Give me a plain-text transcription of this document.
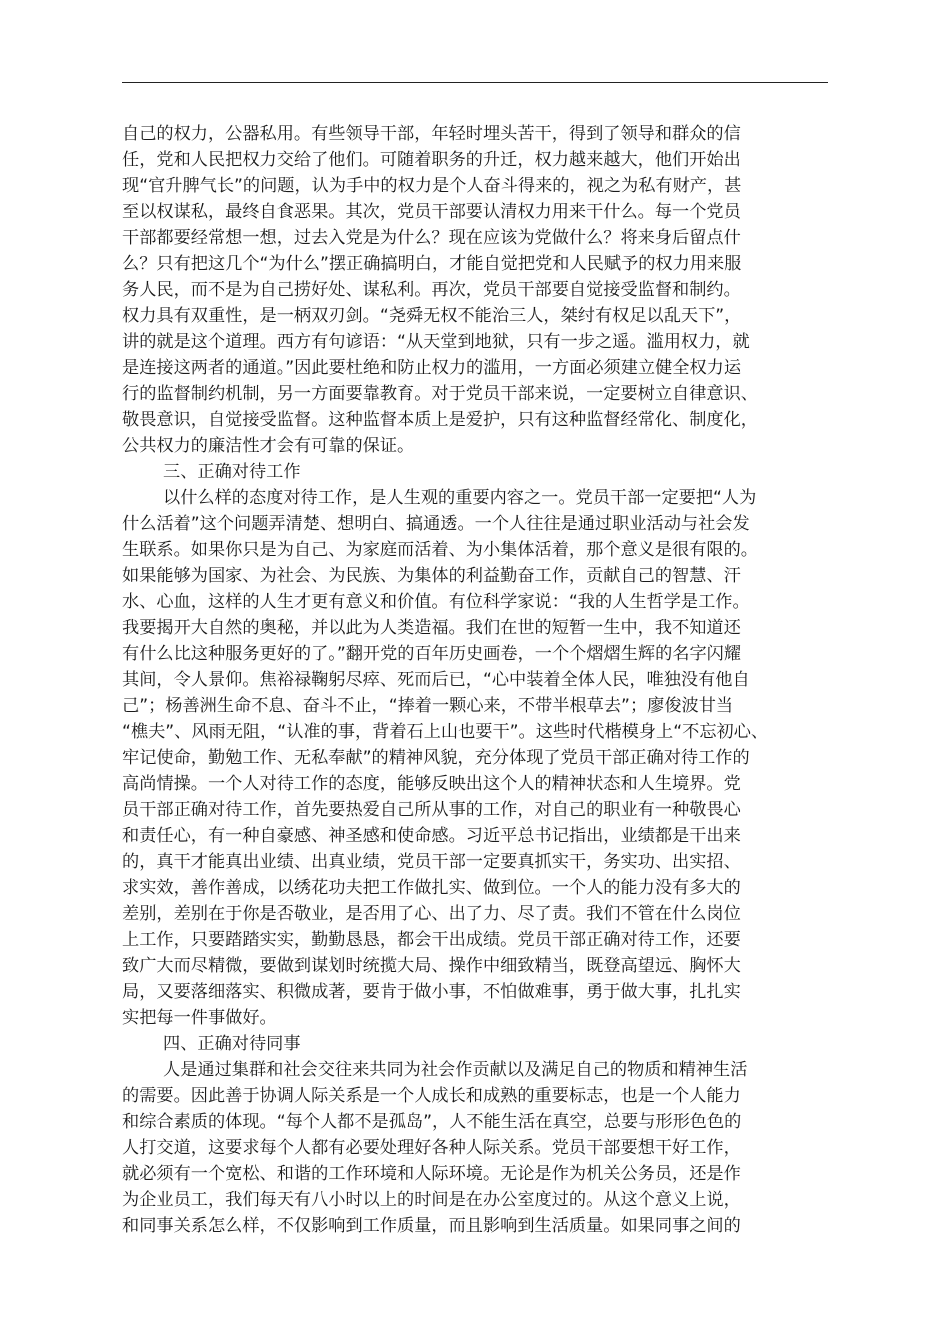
自己的权力，公器私用。有些领导干部，年轻时埋头苦干，得到了领导和群众的信
任，党和人民把权力交给了他们。可随着职务的升迁，权力越来越大，他们开始出
现“官升脾气长”的问题，认为手中的权力是个人奋斗得来的，视之为私有财产，甚
至以权谋私，最终自食恶果。其次，党员干部要认清权力用来干什么。每一个党员
干部都要经常想一想，过去入党是为什么？现在应该为党做什么？将来身后留点什
么？只有把这几个“为什么”摆正确搞明白，才能自觉把党和人民赋予的权力用来服
务人民，而不是为自己捞好处、谋私利。再次，党员干部要自觉接受监督和制约。
权力具有双重性，是一柄双刃剑。“尧舜无权不能治三人，桀纣有权足以乱天下”，
讲的就是这个道理。西方有句谚语：“从天堂到地狱，只有一步之遥。滥用权力，就
是连接这两者的通道。”因此要杜绝和防止权力的滥用，一方面必须建立健全权力运
行的监督制约机制，另一方面要靠教育。对于党员干部来说，一定要树立自律意识、
敬畏意识，自觉接受监督。这种监督本质上是爱护，只有这种监督经常化、制度化，
公共权力的廉洁性才会有可靠的保证。
三、正确对待工作
以什么样的态度对待工作，是人生观的重要内容之一。党员干部一定要把“人为
什么活着”这个问题弄清楚、想明白、搞通透。一个人往往是通过职业活动与社会发
生联系。如果你只是为自己、为家庭而活着、为小集体活着，那个意义是很有限的。
如果能够为国家、为社会、为民族、为集体的利益勤奋工作，贡献自己的智慧、汗
水、心血，这样的人生才更有意义和价值。有位科学家说：“我的人生哲学是工作。
我要揭开大自然的奥秘，并以此为人类造福。我们在世的短暂一生中，我不知道还
有什么比这种服务更好的了。”翻开党的百年历史画卷，一个个熠熠生辉的名字闪耀
其间，令人景仰。焦裕禄鞠躬尽瘁、死而后已，“心中装着全体人民，唯独没有他自
己”；杨善洲生命不息、奋斗不止，“捧着一颗心来，不带半根草去”；廖俊波甘当
“樵夫”、风雨无阻，“认准的事，背着石上山也要干”。这些时代楷模身上“不忘初心、
牢记使命，勤勉工作、无私奉献”的精神风貌，充分体现了党员干部正确对待工作的
高尚情操。一个人对待工作的态度，能够反映出这个人的精神状态和人生境界。党
员干部正确对待工作，首先要热爱自己所从事的工作，对自己的职业有一种敬畏心
和责任心，有一种自豪感、神圣感和使命感。习近平总书记指出，业绩都是干出来
的，真干才能真出业绩、出真业绩，党员干部一定要真抓实干，务实功、出实招、
求实效，善作善成，以绣花功夫把工作做扎实、做到位。一个人的能力没有多大的
差别，差别在于你是否敬业，是否用了心、出了力、尽了责。我们不管在什么岗位
上工作，只要踏踏实实，勤勤恳恳，都会干出成绩。党员干部正确对待工作，还要
致广大而尽精微，要做到谋划时统揽大局、操作中细致精当，既登高望远、胸怀大
局，又要落细落实、积微成著，要肯于做小事，不怕做难事，勇于做大事，扎扎实
实把每一件事做好。
四、正确对待同事
人是通过集群和社会交往来共同为社会作贡献以及满足自己的物质和精神生活
的需要。因此善于协调人际关系是一个人成长和成熟的重要标志，也是一个人能力
和综合素质的体现。“每个人都不是孤岛”，人不能生活在真空，总要与形形色色的
人打交道，这要求每个人都有必要处理好各种人际关系。党员干部要想干好工作，
就必须有一个宽松、和谐的工作环境和人际环境。无论是作为机关公务员，还是作
为企业员工，我们每天有八小时以上的时间是在办公室度过的。从这个意义上说，
和同事关系怎么样，不仅影响到工作质量，而且影响到生活质量。如果同事之间的
